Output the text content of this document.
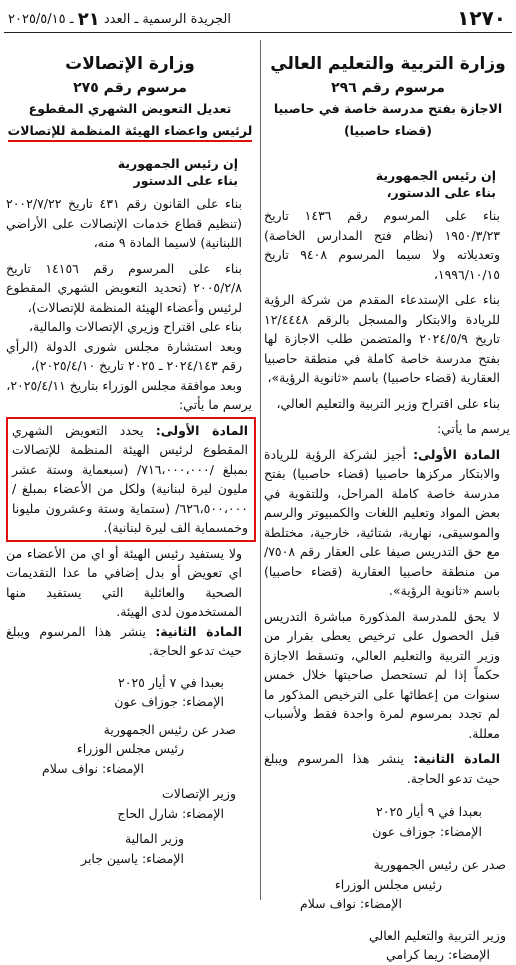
١٢٧٠
الجريدة الرسمية ـ العدد ٢١ ـ ٢٠٢٥/٥/١٥
وزارة التربية والتعليم العالي
مرسوم رقم ٢٩٦
الاجازة بفتح مدرسة خاصة في حاصبيا
(قضاء حاصبيا)
إن رئيس الجمهورية
بناء على الدستور،

بناء على المرسوم رقم ١٤٣٦ تاريخ ١٩٥٠/٣/٢٣ (نظام فتح المدارس الخاصة) وتعديلاته ولا سيما المرسوم ٩٤٠٨ تاريخ ١٩٩٦/١٠/١٥،

بناء على الإستدعاء المقدم من شركة الرؤية للريادة والابتكار والمسجل بالرقم ١٢/٤٤٤٨ تاريخ ٢٠٢٤/٥/٩ والمتضمن طلب الاجازة لها بفتح مدرسة خاصة كاملة في منطقة حاصبيا العقارية (قضاء حاصبيا) باسم «ثانوية الرؤية»،

بناء على اقتراح وزير التربية والتعليم العالي،

يرسم ما يأتي:

المادة الأولى: أجيز لشركة الرؤية للريادة والابتكار مركزها حاصبيا (قضاء حاصبيا) بفتح مدرسة خاصة كاملة المراحل، وللتقوية في بعض المواد وتعليم اللغات والكمبيوتر والرسم والموسيقى، نهارية، شتائية، خارجية، مختلطة مع حق التدريس صيفا على العقار رقم ٧٥٠٨/ من منطقة حاصبيا العقارية (قضاء حاصبيا) باسم «ثانوية الرؤية».

لا يحق للمدرسة المذكورة مباشرة التدريس قبل الحصول على ترخيص يعطى بقرار من وزير التربية والتعليم العالي، وتسقط الاجازة حكماً إذا لم تستحصل صاحبتها خلال خمس سنوات من إعطائها على الترخيص المذكور ما لم تجدد بمرسوم لمرة واحدة فقط ولأسباب معللة.

المادة الثانية: ينشر هذا المرسوم ويبلغ حيث تدعو الحاجة.

بعبدا في ٩ أيار ٢٠٢٥
الإمضاء: جوزاف عون
صدر عن رئيس الجمهورية
رئيس مجلس الوزراء
الإمضاء: نواف سلام
وزير التربية والتعليم العالي
الإمضاء: ريما كرامي
وزارة الإتصالات
مرسوم رقم ٢٧٥
تعديل التعويض الشهري المقطوع
لرئيس واعضاء الهيئة المنظمة للإتصالات
إن رئيس الجمهورية
بناء على الدستور

بناء على القانون رقم ٤٣١ تاريخ ٢٠٠٢/٧/٢٢ (تنظيم قطاع خدمات الإتصالات على الأراضي اللبنانية) لاسيما المادة ٩ منه،

بناء على المرسوم رقم ١٤١٥٦ تاريخ ٢٠٠٥/٢/٨ (تحديد التعويض الشهري المقطوع لرئيس وأعضاء الهيئة المنظمة للإتصالات)،

بناء على اقتراح وزيري الإتصالات والمالية،

وبعد استشارة مجلس شورى الدولة (الرأي رقم ٢٠٢٤/١٤٣ ـ ٢٠٢٥ تاريخ ٢٠٢٥/٤/١٠)،

وبعد موافقة مجلس الوزراء بتاريخ ٢٠٢٥/٤/١١،

يرسم ما يأتي:

المادة الأولى: يحدد التعويض الشهري المقطوع لرئيس الهيئة المنظمة للإتصالات بمبلغ /٧١٦،٠٠٠،٠٠٠/ (سبعماية وستة عشر مليون ليرة لبنانية) ولكل من الأعضاء بمبلغ /٦٢٦،٥٠٠،٠٠٠/ (ستماية وستة وعشرون مليونا وخمسماية الف ليرة لبنانية).

ولا يستفيد رئيس الهيئة أو اي من الأعضاء من اي تعويض أو بدل إضافي ما عدا التقديمات الصحية والعائلية التي يستفيد منها المستخدمون لدى الهيئة.

المادة الثانية: ينشر هذا المرسوم ويبلغ حيث تدعو الحاجة.

بعبدا في ٧ أيار ٢٠٢٥
الإمضاء: جوزاف عون
صدر عن رئيس الجمهورية
رئيس مجلس الوزراء
الإمضاء: نواف سلام
وزير الإتصالات
الإمضاء: شارل الحاج
وزير المالية
الإمضاء: ياسين جابر
